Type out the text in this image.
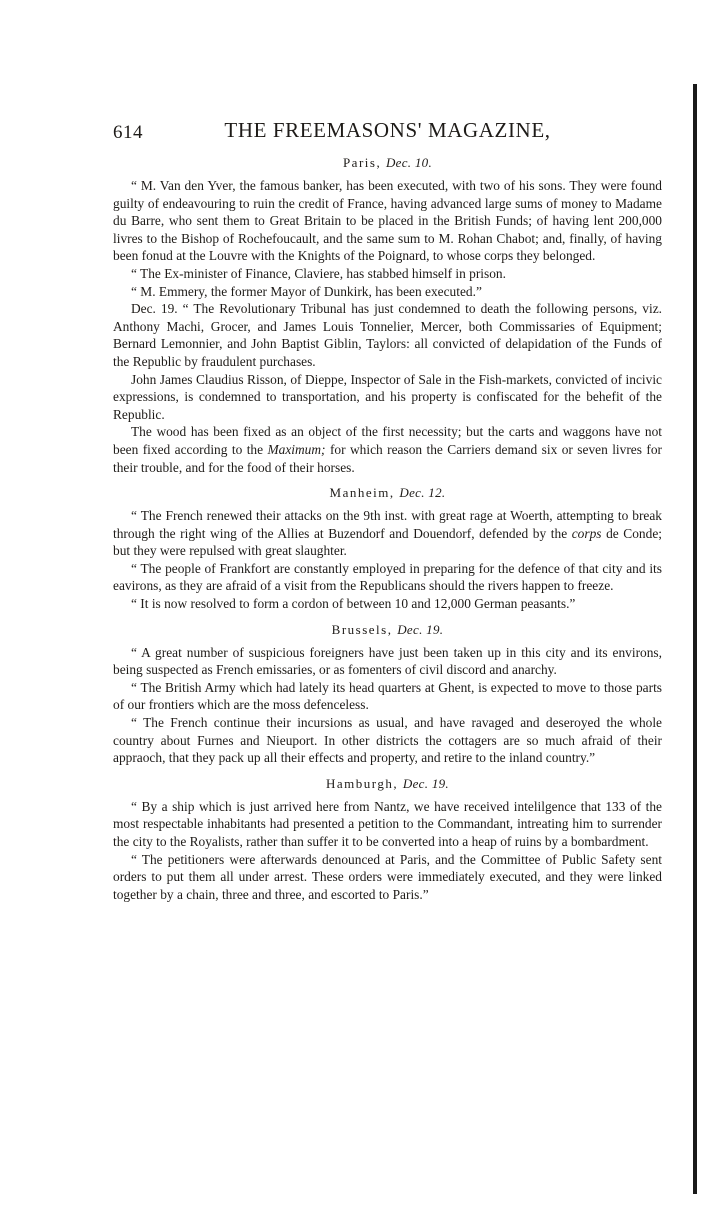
614	THE FREEMASONS' MAGAZINE,
Paris, Dec. 10.

“ M. Van den Yver, the famous banker, has been executed, with two of his sons. They were found guilty of endeavouring to ruin the credit of France, having advanced large sums of money to Madame du Barre, who sent them to Great Britain to be placed in the British Funds; of having lent 200,000 livres to the Bishop of Rochefoucault, and the same sum to M. Rohan Chabot; and, finally, of having been fonud at the Louvre with the Knights of the Poignard, to whose corps they belonged.

“ The Ex-minister of Finance, Claviere, has stabbed himself in prison.

“ M. Emmery, the former Mayor of Dunkirk, has been executed.”

Dec. 19. “ The Revolutionary Tribunal has just condemned to death the following persons, viz. Anthony Machi, Grocer, and James Louis Tonnelier, Mercer, both Commissaries of Equipment; Bernard Lemonnier, and John Baptist Giblin, Taylors: all convicted of delapidation of the Funds of the Republic by fraudulent purchases.

John James Claudius Risson, of Dieppe, Inspector of Sale in the Fish-markets, convicted of incivic expressions, is condemned to transportation, and his property is confiscated for the behefit of the Republic.

The wood has been fixed as an object of the first necessity; but the carts and waggons have not been fixed according to the Maximum; for which reason the Carriers demand six or seven livres for their trouble, and for the food of their horses.

Manheim, Dec. 12.

“ The French renewed their attacks on the 9th inst. with great rage at Woerth, attempting to break through the right wing of the Allies at Buzendorf and Douendorf, defended by the corps de Conde; but they were repulsed with great slaughter.

“ The people of Frankfort are constantly employed in preparing for the defence of that city and its eavirons, as they are afraid of a visit from the Republicans should the rivers happen to freeze.

“ It is now resolved to form a cordon of between 10 and 12,000 German peasants.”

Brussels, Dec. 19.

“ A great number of suspicious foreigners have just been taken up in this city and its environs, being suspected as French emissaries, or as fomenters of civil discord and anarchy.

“ The British Army which had lately its head quarters at Ghent, is expected to move to those parts of our frontiers which are the moss defenceless.

“ The French continue their incursions as usual, and have ravaged and deseroyed the whole country about Furnes and Nieuport. In other districts the cottagers are so much afraid of their appraoch, that they pack up all their effects and property, and retire to the inland country.”

Hamburgh, Dec. 19.

“ By a ship which is just arrived here from Nantz, we have received intelilgence that 133 of the most respectable inhabitants had presented a petition to the Commandant, intreating him to surrender the city to the Royalists, rather than suffer it to be converted into a heap of ruins by a bombardment.

“ The petitioners were afterwards denounced at Paris, and the Committee of Public Safety sent orders to put them all under arrest. These orders were immediately executed, and they were linked together by a chain, three and three, and escorted to Paris.”
